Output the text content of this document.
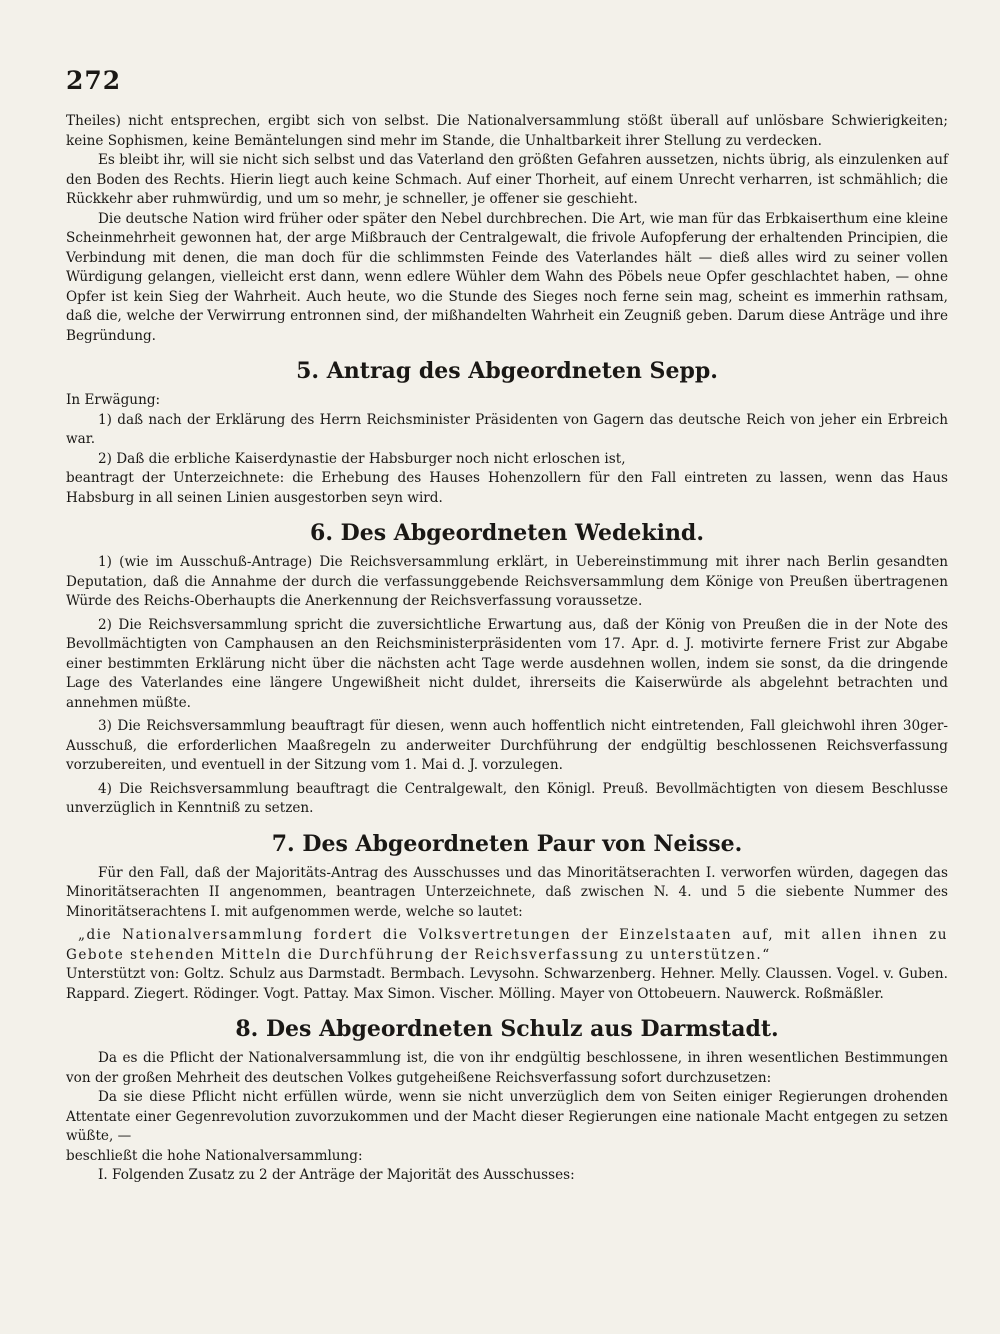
272

Theiles) nicht entsprechen, ergibt sich von selbst. Die Nationalversammlung stößt überall auf unlösbare Schwierigkeiten; keine Sophismen, keine Bemäntelungen sind mehr im Stande, die Unhaltbarkeit ihrer Stellung zu verdecken.

Es bleibt ihr, will sie nicht sich selbst und das Vaterland den größten Gefahren aussetzen, nichts übrig, als einzulenken auf den Boden des Rechts. Hierin liegt auch keine Schmach. Auf einer Thorheit, auf einem Unrecht verharren, ist schmählich; die Rückkehr aber ruhmwürdig, und um so mehr, je schneller, je offener sie geschieht.

Die deutsche Nation wird früher oder später den Nebel durchbrechen. Die Art, wie man für das Erbkaiserthum eine kleine Scheinmehrheit gewonnen hat, der arge Mißbrauch der Centralgewalt, die frivole Aufopferung der erhaltenden Principien, die Verbindung mit denen, die man doch für die schlimmsten Feinde des Vaterlandes hält — dieß alles wird zu seiner vollen Würdigung gelangen, vielleicht erst dann, wenn edlere Wühler dem Wahn des Pöbels neue Opfer geschlachtet haben, — ohne Opfer ist kein Sieg der Wahrheit. Auch heute, wo die Stunde des Sieges noch ferne sein mag, scheint es immerhin rathsam, daß die, welche der Verwirrung entronnen sind, der mißhandelten Wahrheit ein Zeugniß geben. Darum diese Anträge und ihre Begründung.

5. Antrag des Abgeordneten Sepp.

In Erwägung:

1) daß nach der Erklärung des Herrn Reichsminister Präsidenten von Gagern das deutsche Reich von jeher ein Erbreich war.

2) Daß die erbliche Kaiserdynastie der Habsburger noch nicht erloschen ist,

beantragt der Unterzeichnete: die Erhebung des Hauses Hohenzollern für den Fall eintreten zu lassen, wenn das Haus Habsburg in all seinen Linien ausgestorben seyn wird.

6. Des Abgeordneten Wedekind.

1) (wie im Ausschuß-Antrage) Die Reichsversammlung erklärt, in Uebereinstimmung mit ihrer nach Berlin gesandten Deputation, daß die Annahme der durch die verfassunggebende Reichsversammlung dem Könige von Preußen übertragenen Würde des Reichs-Oberhaupts die Anerkennung der Reichsverfassung voraussetze.

2) Die Reichsversammlung spricht die zuversichtliche Erwartung aus, daß der König von Preußen die in der Note des Bevollmächtigten von Camphausen an den Reichsministerpräsidenten vom 17. Apr. d. J. motivirte fernere Frist zur Abgabe einer bestimmten Erklärung nicht über die nächsten acht Tage werde ausdehnen wollen, indem sie sonst, da die dringende Lage des Vaterlandes eine längere Ungewißheit nicht duldet, ihrerseits die Kaiserwürde als abgelehnt betrachten und annehmen müßte.

3) Die Reichsversammlung beauftragt für diesen, wenn auch hoffentlich nicht eintretenden, Fall gleichwohl ihren 30ger-Ausschuß, die erforderlichen Maaßregeln zu anderweiter Durchführung der endgültig beschlossenen Reichsverfassung vorzubereiten, und eventuell in der Sitzung vom 1. Mai d. J. vorzulegen.

4) Die Reichsversammlung beauftragt die Centralgewalt, den Königl. Preuß. Bevollmächtigten von diesem Beschlusse unverzüglich in Kenntniß zu setzen.

7. Des Abgeordneten Paur von Neisse.

Für den Fall, daß der Majoritäts-Antrag des Ausschusses und das Minoritätserachten I. verworfen würden, dagegen das Minoritätserachten II angenommen, beantragen Unterzeichnete, daß zwischen N. 4. und 5 die siebente Nummer des Minoritätserachtens I. mit aufgenommen werde, welche so lautet:

„die Nationalversammlung fordert die Volksvertretungen der Einzelstaaten auf, mit allen ihnen zu Gebote stehenden Mitteln die Durchführung der Reichsverfassung zu unterstützen.“

Unterstützt von: Goltz. Schulz aus Darmstadt. Bermbach. Levysohn. Schwarzenberg. Hehner. Melly. Claussen. Vogel. v. Guben. Rappard. Ziegert. Rödinger. Vogt. Pattay. Max Simon. Vischer. Mölling. Mayer von Ottobeuern. Nauwerck. Roßmäßler.

8. Des Abgeordneten Schulz aus Darmstadt.

Da es die Pflicht der Nationalversammlung ist, die von ihr endgültig beschlossene, in ihren wesentlichen Bestimmungen von der großen Mehrheit des deutschen Volkes gutgeheißene Reichsverfassung sofort durchzusetzen:

Da sie diese Pflicht nicht erfüllen würde, wenn sie nicht unverzüglich dem von Seiten einiger Regierungen drohenden Attentate einer Gegenrevolution zuvorzukommen und der Macht dieser Regierungen eine nationale Macht entgegen zu setzen wüßte, —

beschließt die hohe Nationalversammlung:

I. Folgenden Zusatz zu 2 der Anträge der Majorität des Ausschusses:
